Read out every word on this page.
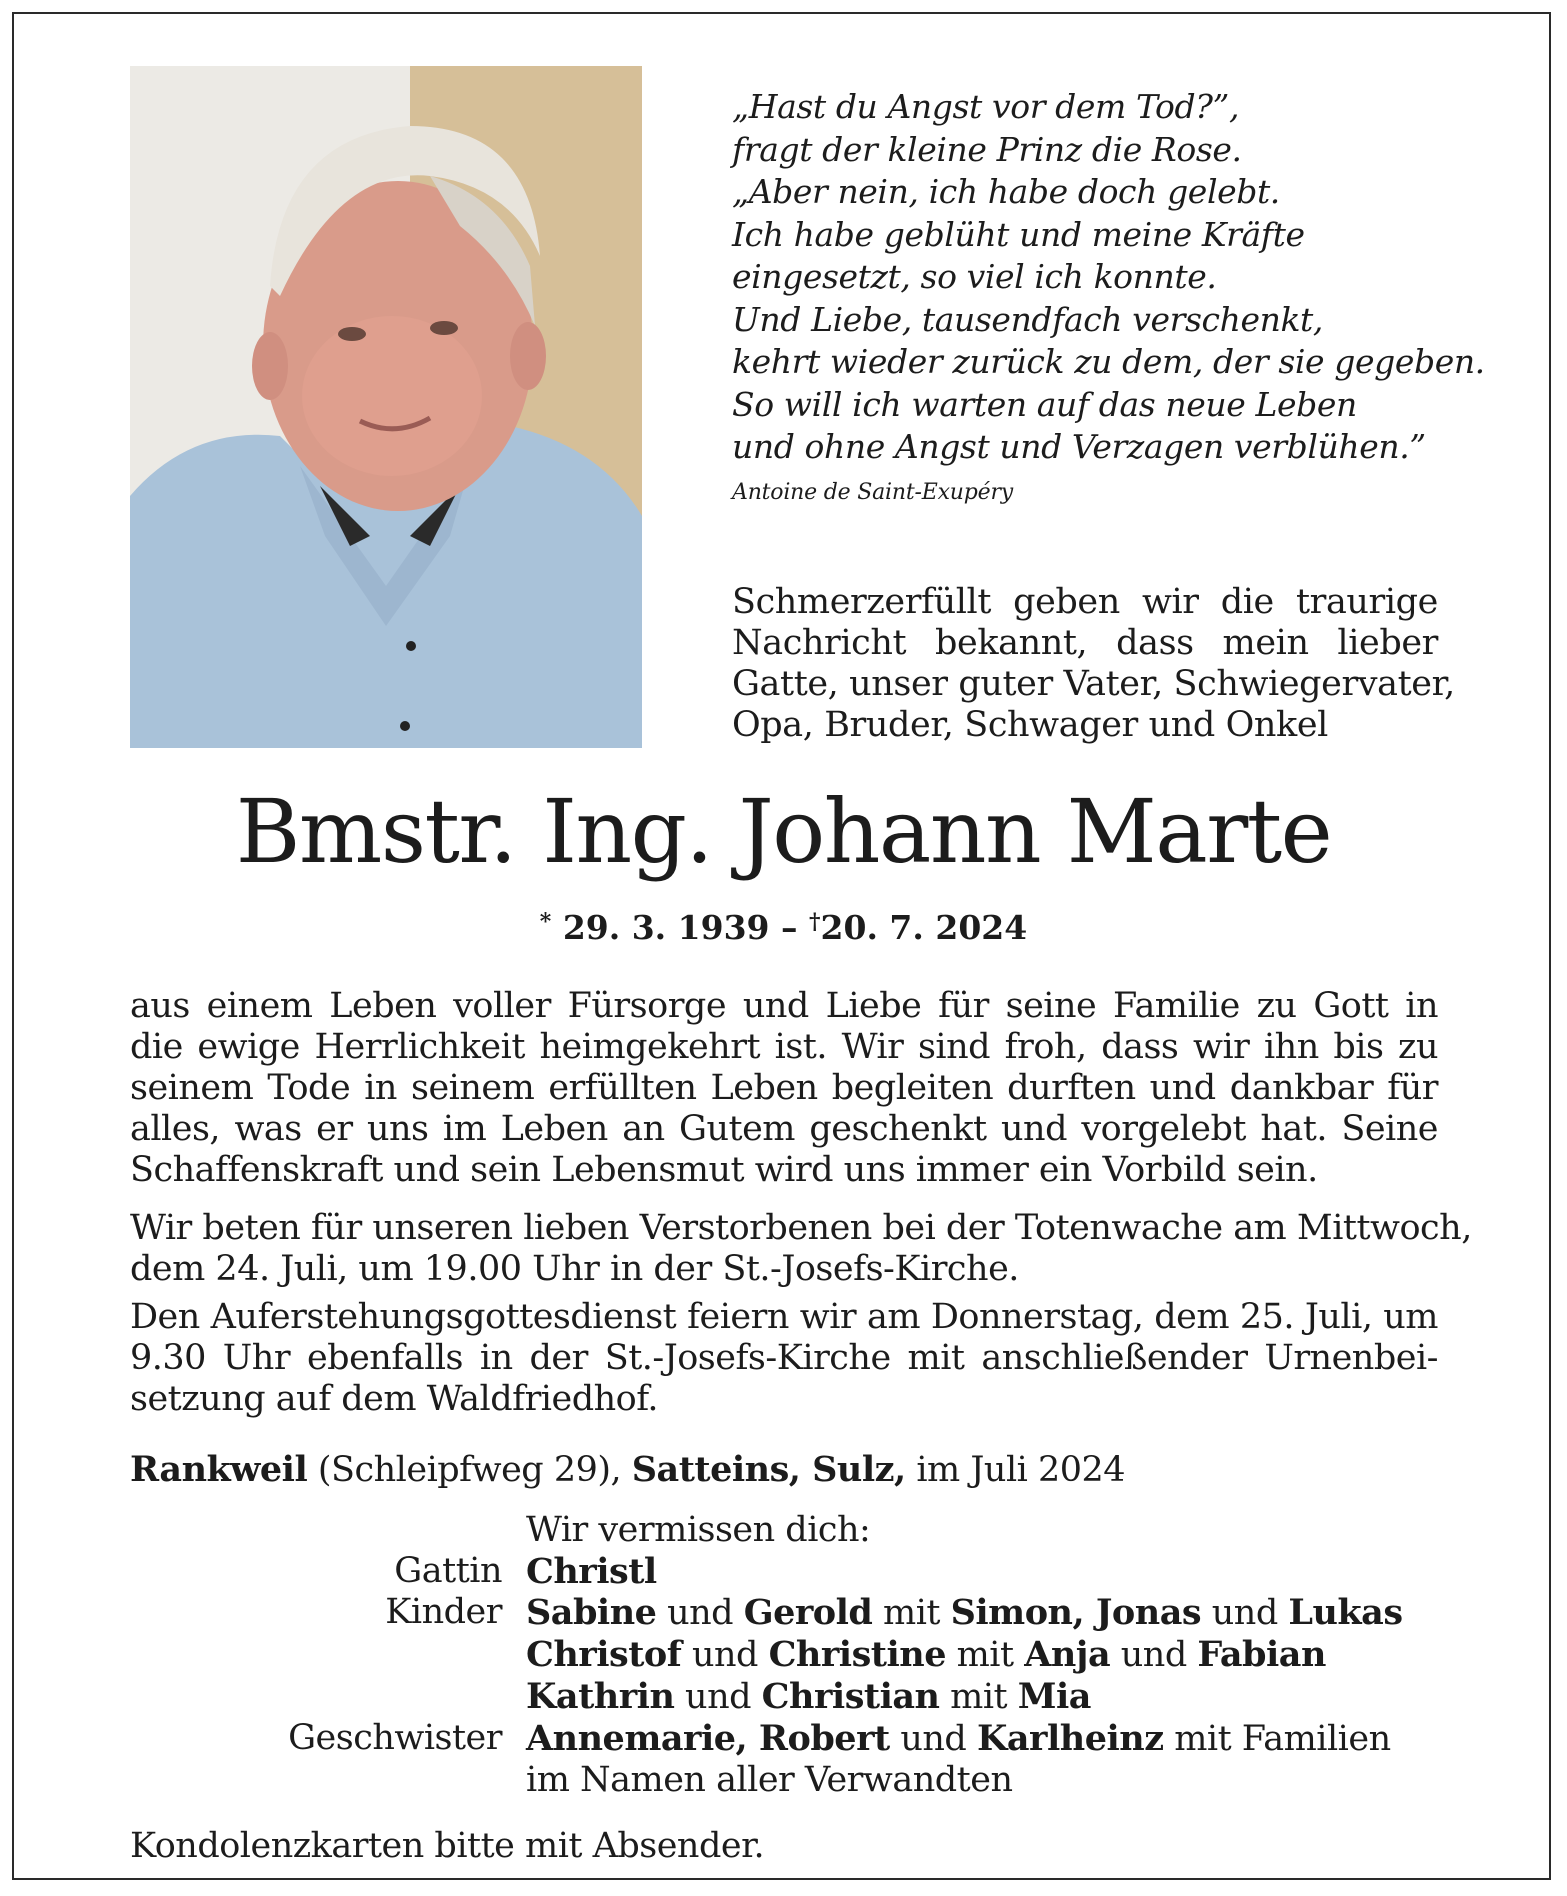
„Hast du Angst vor dem Tod?”,
fragt der kleine Prinz die Rose.
„Aber nein, ich habe doch gelebt.
Ich habe geblüht und meine Kräfte
eingesetzt, so viel ich konnte.
Und Liebe, tausendfach verschenkt,
kehrt wieder zurück zu dem, der sie gegeben.
So will ich warten auf das neue Leben
und ohne Angst und Verzagen verblühen.”
Antoine de Saint-Exupéry
Schmerzerfüllt geben wir die traurige
Nachricht bekannt, dass mein lieber
Gatte, unser guter Vater, Schwiegervater,
Opa, Bruder, Schwager und Onkel
Bmstr. Ing. Johann Marte
* 29. 3. 1939 – †20. 7. 2024
aus einem Leben voller Fürsorge und Liebe für seine Familie zu Gott in
die ewige Herrlichkeit heimgekehrt ist. Wir sind froh, dass wir ihn bis zu
seinem Tode in seinem erfüllten Leben begleiten durften und dankbar für
alles, was er uns im Leben an Gutem geschenkt und vorgelebt hat. Seine
Schaffenskraft und sein Lebensmut wird uns immer ein Vorbild sein.
Wir beten für unseren lieben Verstorbenen bei der Totenwache am Mittwoch,
dem 24. Juli, um 19.00 Uhr in der St.-Josefs-Kirche.
Den Auferstehungsgottesdienst feiern wir am Donnerstag, dem 25. Juli, um
9.30 Uhr ebenfalls in der St.-Josefs-Kirche mit anschließender Urnenbei-
setzung auf dem Waldfriedhof.
Rankweil (Schleipfweg 29), Satteins, Sulz, im Juli 2024
Wir vermissen dich:
Gattin Christl
Kinder Sabine und Gerold mit Simon, Jonas und Lukas
Christof und Christine mit Anja und Fabian
Kathrin und Christian mit Mia
Geschwister Annemarie, Robert und Karlheinz mit Familien
im Namen aller Verwandten
Kondolenzkarten bitte mit Absender.
